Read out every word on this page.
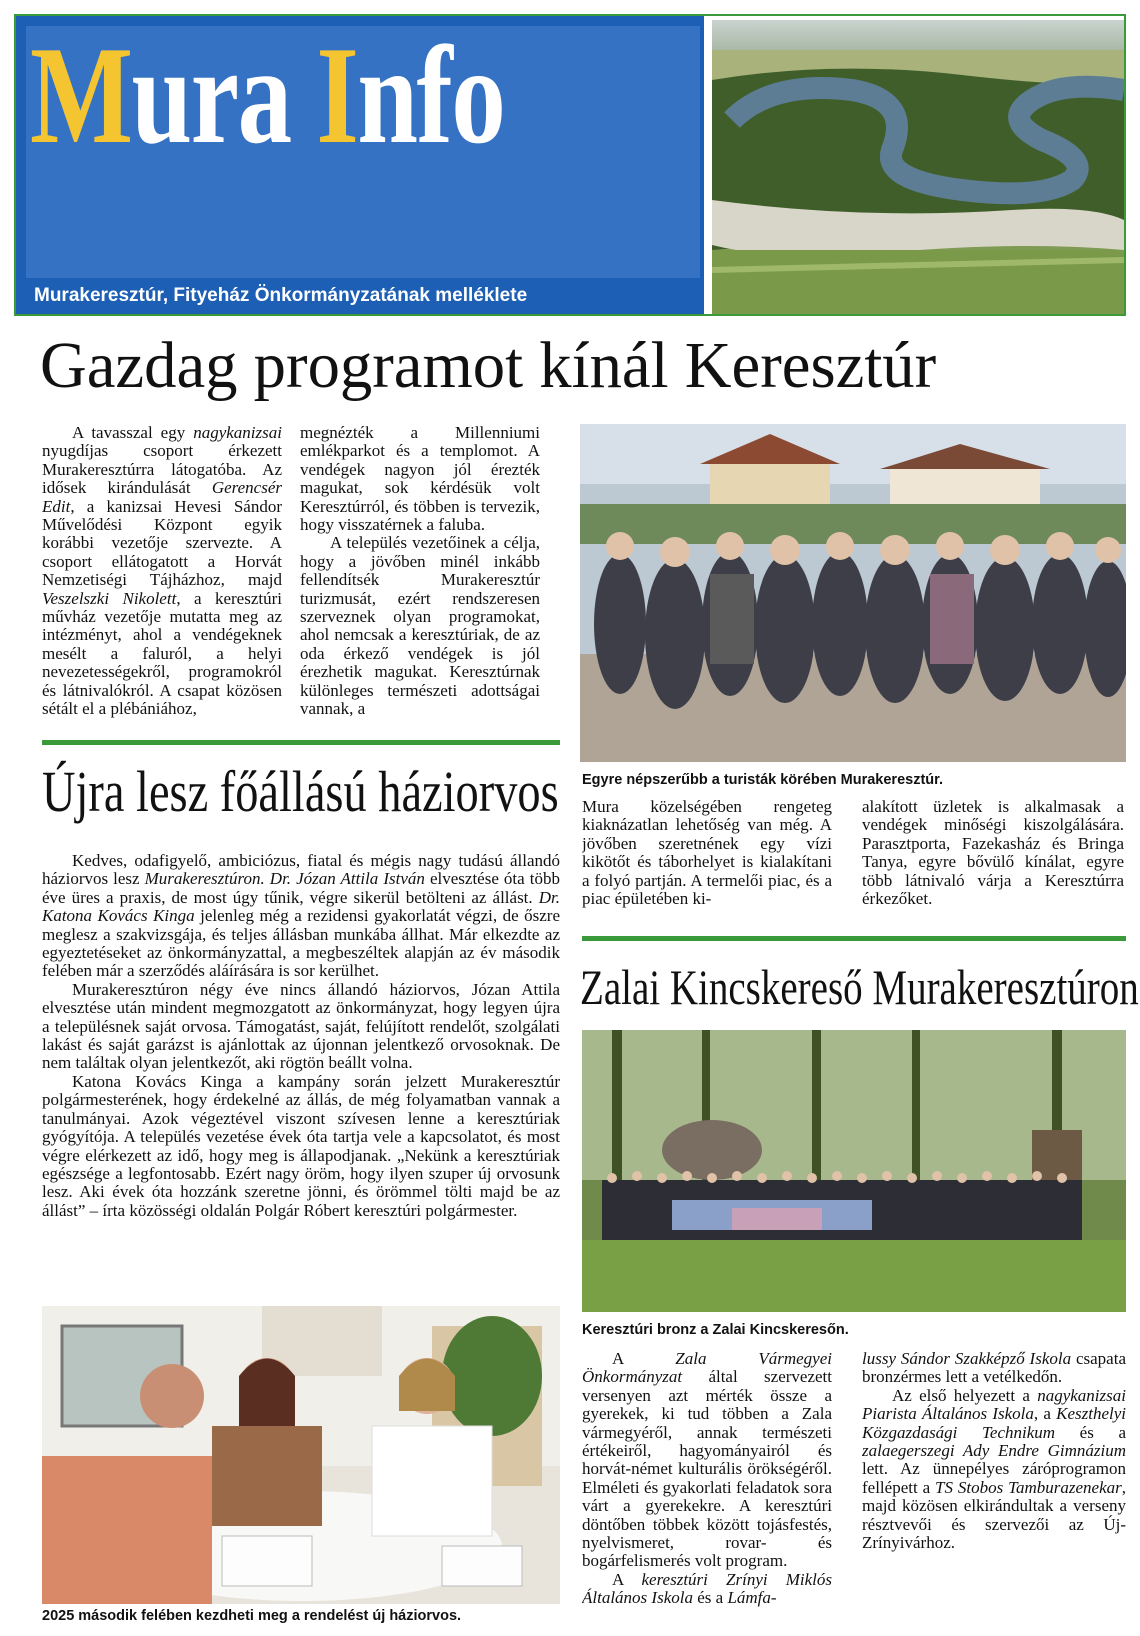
Mura Info
Murakeresztúr, Fityeház Önkormányzatának melléklete
Gazdag programot kínál Keresztúr

A tavasszal egy nagykanizsai nyugdíjas csoport érkezett Murakeresztúrra látogatóba. Az idősek kirándulását Gerencsér Edit, a kanizsai Hevesi Sándor Művelődési Központ egyik korábbi vezetője szervezte. A csoport ellátogatott a Horvát Nemzetiségi Tájházhoz, majd Veszelszki Nikolett, a keresztúri művház vezetője mutatta meg az intézményt, ahol a vendégeknek mesélt a faluról, a helyi nevezetességekről, programokról és látnivalókról. A csapat közösen sétált el a plébániához,

megnézték a Millenniumi emlékparkot és a templomot. A vendégek nagyon jól érezték magukat, sok kérdésük volt Keresztúrról, és többen is tervezik, hogy visszatérnek a faluba.

A település vezetőinek a célja, hogy a jövőben minél inkább fellendítsék Murakeresztúr turizmusát, ezért rendszeresen szerveznek olyan programokat, ahol nemcsak a keresztúriak, de az oda érkező vendégek is jól érezhetik magukat. Keresztúrnak különleges természeti adottságai vannak, a

Egyre népszerűbb a turisták körében Murakeresztúr.

Mura közelségében rengeteg kiaknázatlan lehetőség van még. A jövőben szeretnének egy vízi kikötőt és táborhelyet is kialakítani a folyó partján. A termelői piac, és a piac épületében ki-

alakított üzletek is alkalmasak a vendégek minőségi kiszolgálására. Parasztporta, Fazekasház és Bringa Tanya, egyre bővülő kínálat, egyre több látnivaló várja a Keresztúrra érkezőket.

Újra lesz főállású háziorvos

Kedves, odafigyelő, ambiciózus, fiatal és mégis nagy tudású állandó háziorvos lesz Murakeresztúron. Dr. Józan Attila István elvesztése óta több éve üres a praxis, de most úgy tűnik, végre sikerül betölteni az állást. Dr. Katona Kovács Kinga jelenleg még a rezidensi gyakorlatát végzi, de őszre meglesz a szakvizsgája, és teljes állásban munkába állhat. Már elkezdte az egyeztetéseket az önkormányzattal, a megbeszéltek alapján az év második felében már a szerződés aláírására is sor kerülhet.

Murakeresztúron négy éve nincs állandó háziorvos, Józan Attila elvesztése után mindent megmozgatott az önkormányzat, hogy legyen újra a településnek saját orvosa. Támogatást, saját, felújított rendelőt, szolgálati lakást és saját garázst is ajánlottak az újonnan jelentkező orvosoknak. De nem találtak olyan jelentkezőt, aki rögtön beállt volna.

Katona Kovács Kinga a kampány során jelzett Murakeresztúr polgármesterének, hogy érdekelné az állás, de még folyamatban vannak a tanulmányai. Azok végeztével viszont szívesen lenne a keresztúriak gyógyítója. A település vezetése évek óta tartja vele a kapcsolatot, és most végre elérkezett az idő, hogy meg is állapodjanak. „Nekünk a keresztúriak egészsége a legfontosabb. Ezért nagy öröm, hogy ilyen szuper új orvosunk lesz. Aki évek óta hozzánk szeretne jönni, és örömmel tölti majd be az állást” – írta közösségi oldalán Polgár Róbert keresztúri polgármester.

2025 második felében kezdheti meg a rendelést új háziorvos.
Zalai Kincskereső Murakeresztúron
Keresztúri bronz a Zalai Kincskeresőn.

A Zala Vármegyei Önkormányzat által szervezett versenyen azt mérték össze a gyerekek, ki tud többen a Zala vármegyéről, annak természeti értékeiről, hagyományairól és horvát-német kulturális örökségéről. Elméleti és gyakorlati feladatok sora várt a gyerekekre. A keresztúri döntőben többek között tojásfestés, nyelvismeret, rovar- és bogárfelismerés volt program.

A keresztúri Zrínyi Miklós Általános Iskola és a Lámfa-

lussy Sándor Szakképző Iskola csapata bronzérmes lett a vetélkedőn.

Az első helyezett a nagykanizsai Piarista Általános Iskola, a Keszthelyi Közgazdasági Technikum és a zalaegerszegi Ady Endre Gimnázium lett. Az ünnepélyes záróprogramon fellépett a TS Stobos Tamburazenekar, majd közösen elkirándultak a verseny résztvevői és szervezői az Új-Zrínyivárhoz.
